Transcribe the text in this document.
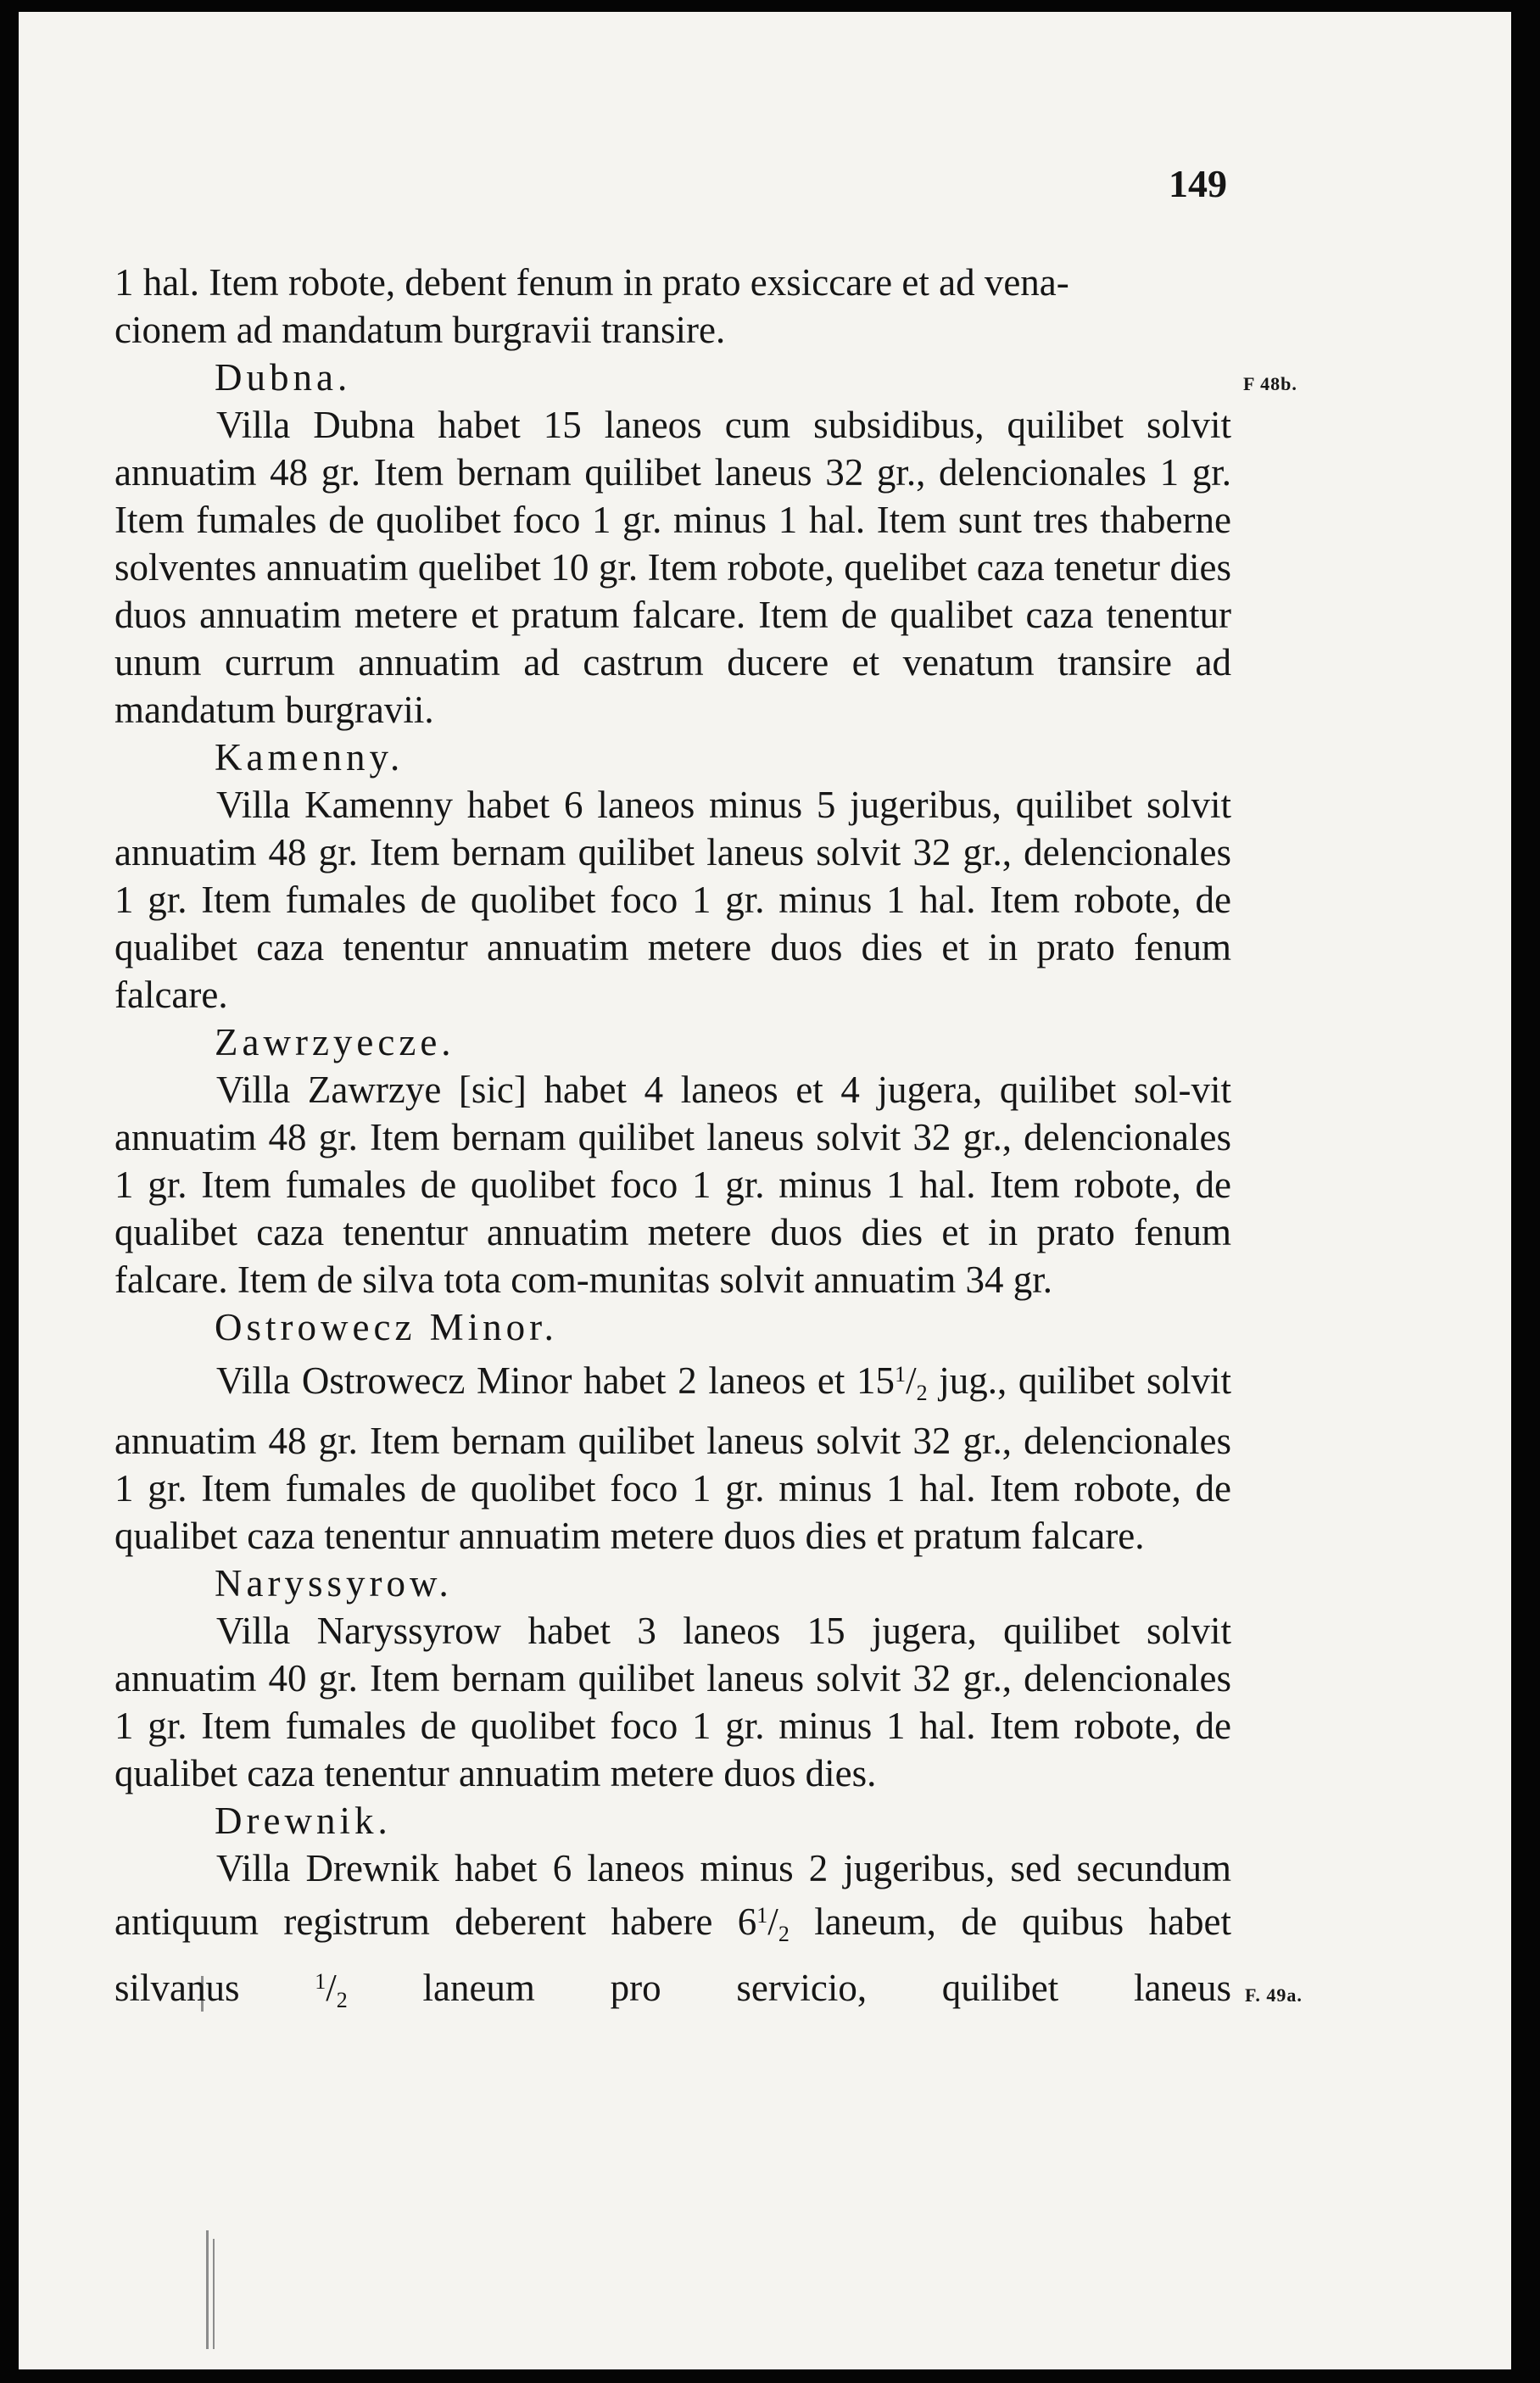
149
F 48b.
F. 49a.
1 hal. Item robote, debent fenum in prato exsiccare et ad vena-
cionem ad mandatum burgravii transire.
Dubna.
Villa Dubna habet 15 laneos cum subsidibus, quilibet solvit annuatim 48 gr. Item bernam quilibet laneus 32 gr., delencionales 1 gr. Item fumales de quolibet foco 1 gr. minus 1 hal. Item sunt tres thaberne solventes annuatim quelibet 10 gr. Item robote, quelibet caza tenetur dies duos annuatim metere et pratum falcare. Item de qualibet caza tenentur unum currum annuatim ad castrum ducere et venatum transire ad mandatum burgravii.
Kamenny.
Villa Kamenny habet 6 laneos minus 5 jugeribus, quilibet solvit annuatim 48 gr. Item bernam quilibet laneus solvit 32 gr., delencionales 1 gr. Item fumales de quolibet foco 1 gr. minus 1 hal. Item robote, de qualibet caza tenentur annuatim metere duos dies et in prato fenum falcare.
Zawrzyecze.
Villa Zawrzye [sic] habet 4 laneos et 4 jugera, quilibet sol-vit annuatim 48 gr. Item bernam quilibet laneus solvit 32 gr., delencionales 1 gr. Item fumales de quolibet foco 1 gr. minus 1 hal. Item robote, de qualibet caza tenentur annuatim metere duos dies et in prato fenum falcare. Item de silva tota com-munitas solvit annuatim 34 gr.
Ostrowecz Minor.
Villa Ostrowecz Minor habet 2 laneos et $15^1/_2$ jug., quilibet solvit annuatim 48 gr. Item bernam quilibet laneus solvit 32 gr., delencionales 1 gr. Item fumales de quolibet foco 1 gr. minus 1 hal. Item robote, de qualibet caza tenentur annuatim metere duos dies et pratum falcare.
Naryssyrow.
Villa Naryssyrow habet 3 laneos 15 jugera, quilibet solvit annuatim 40 gr. Item bernam quilibet laneus solvit 32 gr., delencionales 1 gr. Item fumales de quolibet foco 1 gr. minus 1 hal. Item robote, de qualibet caza tenentur annuatim metere duos dies.
Drewnik.
Villa Drewnik habet 6 laneos minus 2 jugeribus, sed secundum antiquum registrum deberent habere $6^1/_2$ laneum, de quibus habet silvanus $^1/_2$ laneum pro servicio, quilibet laneus
